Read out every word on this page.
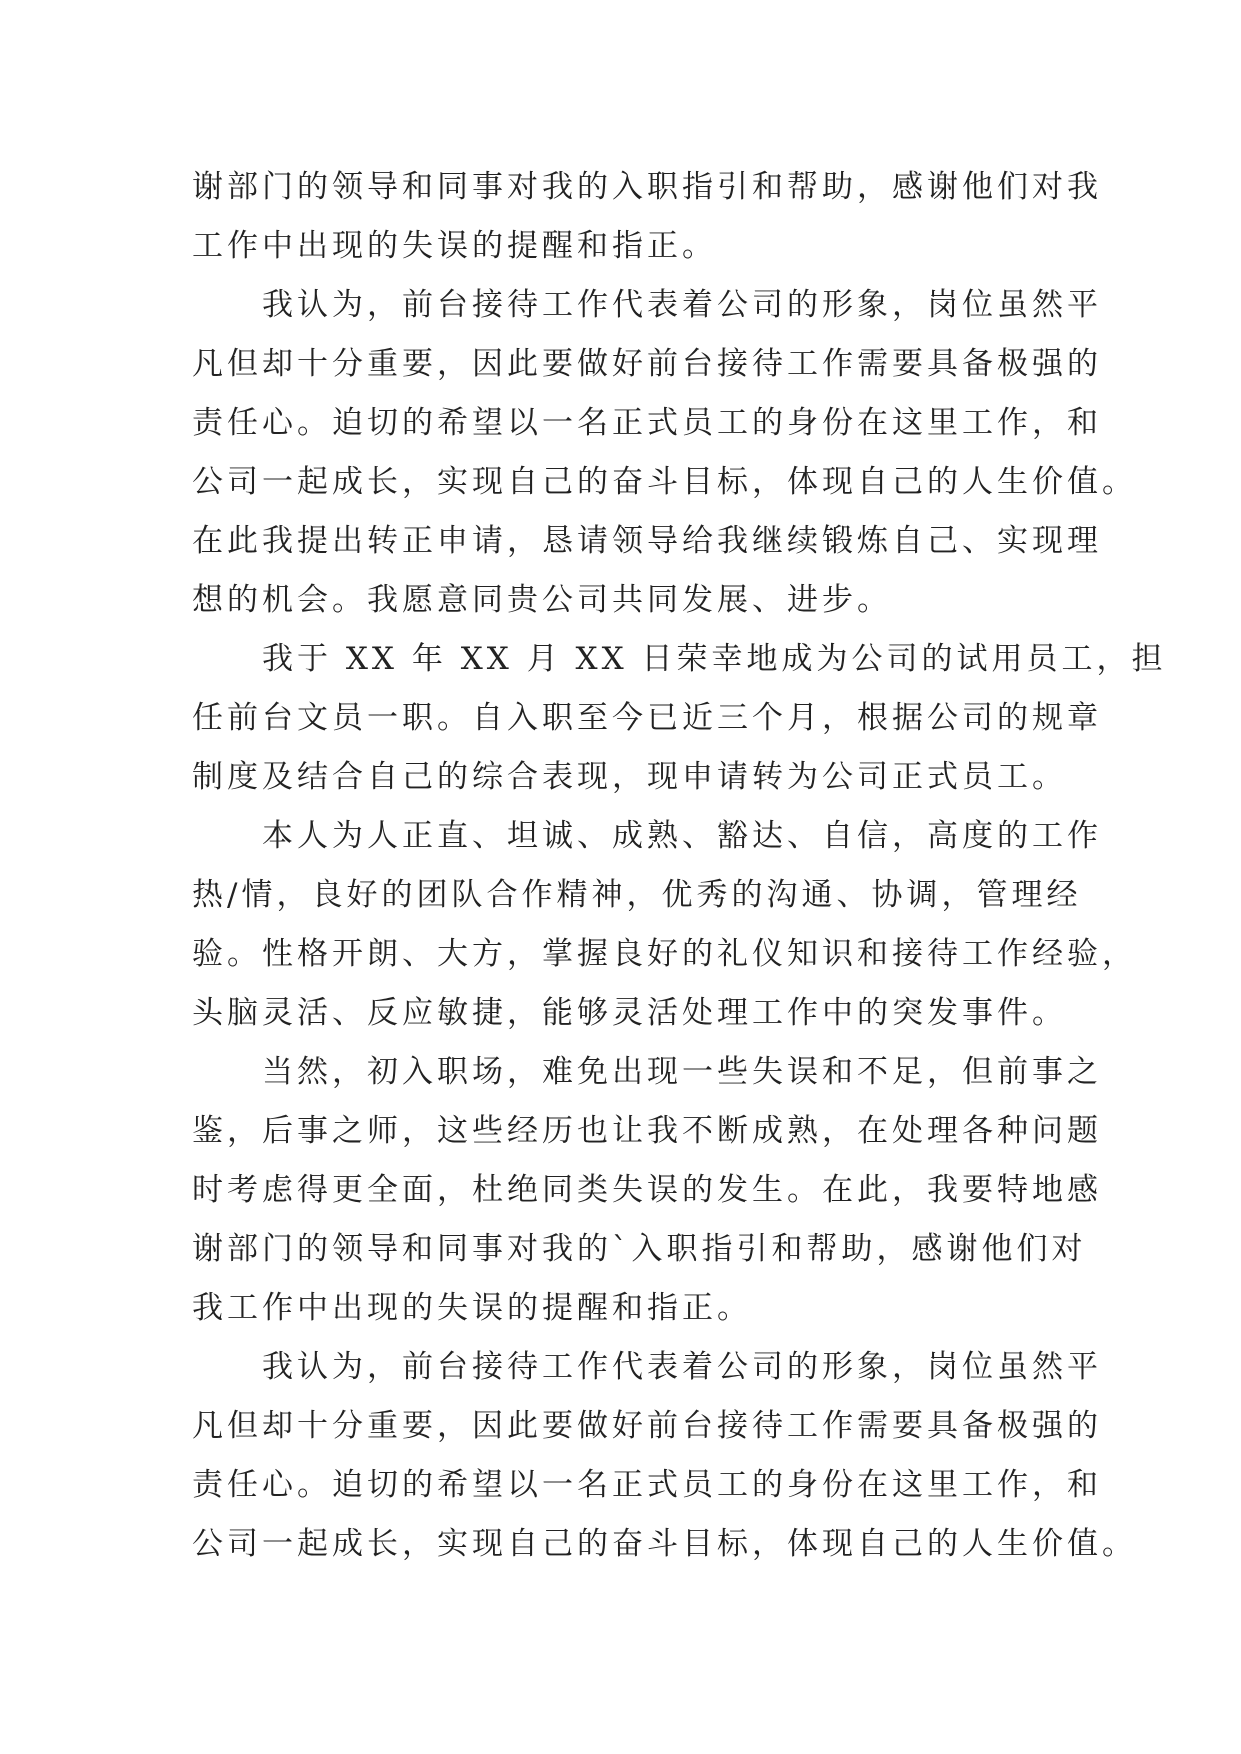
谢部门的领导和同事对我的入职指引和帮助，感谢他们对我
工作中出现的失误的提醒和指正。
　　我认为，前台接待工作代表着公司的形象，岗位虽然平
凡但却十分重要，因此要做好前台接待工作需要具备极强的
责任心。迫切的希望以一名正式员工的身份在这里工作，和
公司一起成长，实现自己的奋斗目标，体现自己的人生价值。
在此我提出转正申请，恳请领导给我继续锻炼自己、实现理
想的机会。我愿意同贵公司共同发展、进步。
　　我于 XX 年 XX 月 XX 日荣幸地成为公司的试用员工，担
任前台文员一职。自入职至今已近三个月，根据公司的规章
制度及结合自己的综合表现，现申请转为公司正式员工。
　　本人为人正直、坦诚、成熟、豁达、自信，高度的工作
热/情，良好的团队合作精神，优秀的沟通、协调，管理经
验。性格开朗、大方，掌握良好的礼仪知识和接待工作经验，
头脑灵活、反应敏捷，能够灵活处理工作中的突发事件。
　　当然，初入职场，难免出现一些失误和不足，但前事之
鉴，后事之师，这些经历也让我不断成熟，在处理各种问题
时考虑得更全面，杜绝同类失误的发生。在此，我要特地感
谢部门的领导和同事对我的`入职指引和帮助，感谢他们对
我工作中出现的失误的提醒和指正。
　　我认为，前台接待工作代表着公司的形象，岗位虽然平
凡但却十分重要，因此要做好前台接待工作需要具备极强的
责任心。迫切的希望以一名正式员工的身份在这里工作，和
公司一起成长，实现自己的奋斗目标，体现自己的人生价值。
